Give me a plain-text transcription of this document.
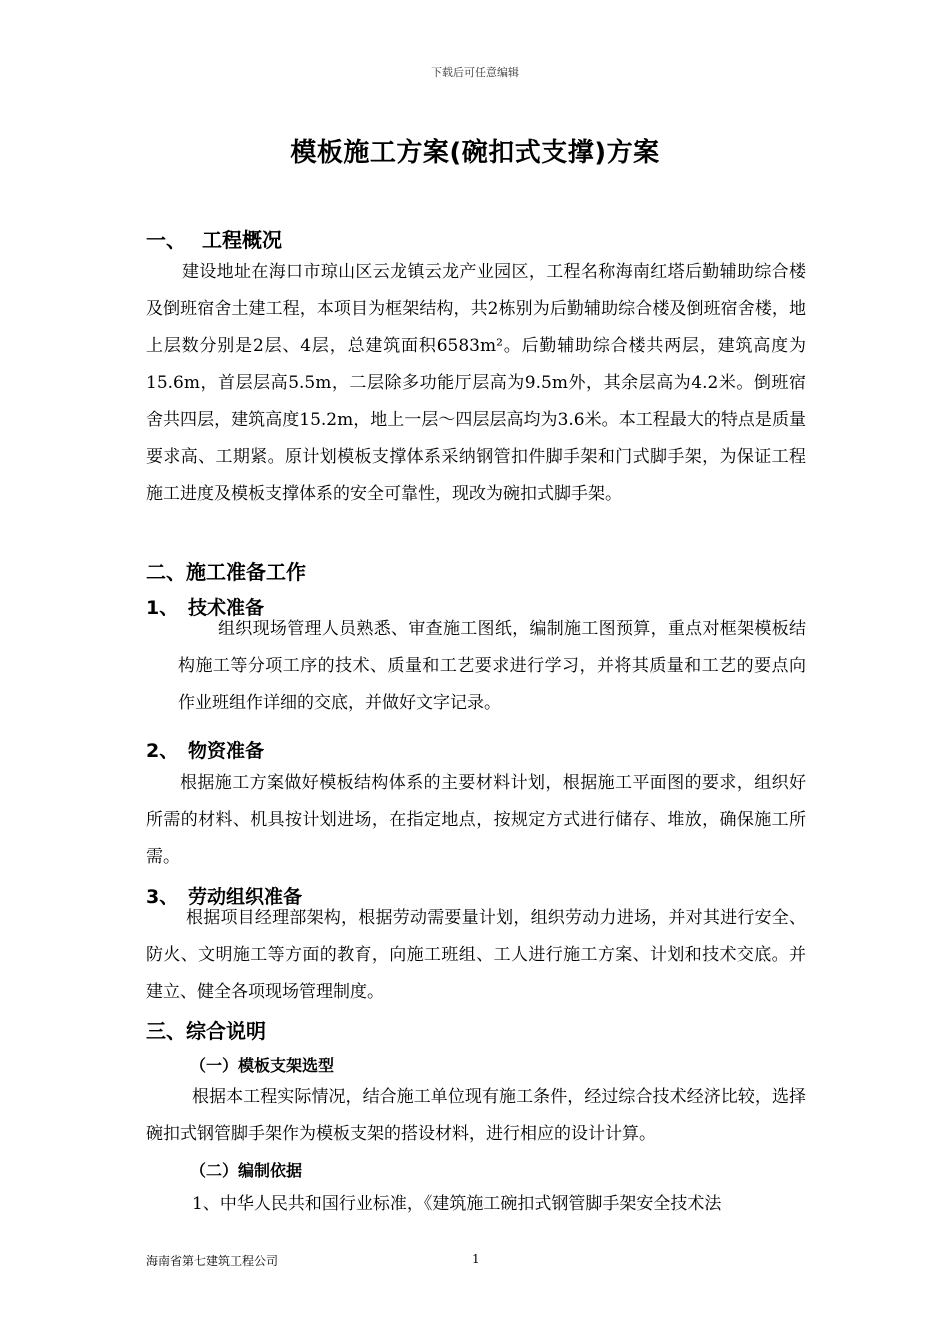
下载后可任意编辑
模板施工方案(碗扣式支撑)方案
一、 工程概况

建设地址在海口市琼山区云龙镇云龙产业园区，工程名称海南红塔后勤辅助综合楼及倒班宿舍土建工程，本项目为框架结构，共2栋别为后勤辅助综合楼及倒班宿舍楼，地上层数分别是2层、4层，总建筑面积6583m²。后勤辅助综合楼共两层，建筑高度为15.6m，首层层高5.5m，二层除多功能厅层高为9.5m外，其余层高为4.2米。倒班宿舍共四层，建筑高度15.2m，地上一层～四层层高均为3.6米。本工程最大的特点是质量要求高、工期紧。原计划模板支撑体系采纳钢管扣件脚手架和门式脚手架，为保证工程施工进度及模板支撑体系的安全可靠性，现改为碗扣式脚手架。

二、施工准备工作
1、 技术准备

组织现场管理人员熟悉、审查施工图纸，编制施工图预算，重点对框架模板结构施工等分项工序的技术、质量和工艺要求进行学习，并将其质量和工艺的要点向作业班组作详细的交底，并做好文字记录。

2、 物资准备

根据施工方案做好模板结构体系的主要材料计划，根据施工平面图的要求，组织好所需的材料、机具按计划进场，在指定地点，按规定方式进行储存、堆放，确保施工所需。

3、 劳动组织准备

根据项目经理部架构，根据劳动需要量计划，组织劳动力进场，并对其进行安全、防火、文明施工等方面的教育，向施工班组、工人进行施工方案、计划和技术交底。并建立、健全各项现场管理制度。

三、综合说明
（一）模板支架选型

根据本工程实际情况，结合施工单位现有施工条件，经过综合技术经济比较，选择碗扣式钢管脚手架作为模板支架的搭设材料，进行相应的设计计算。

（二）编制依据

1、中华人民共和国行业标准，《建筑施工碗扣式钢管脚手架安全技术法

海南省第七建筑工程公司	1
